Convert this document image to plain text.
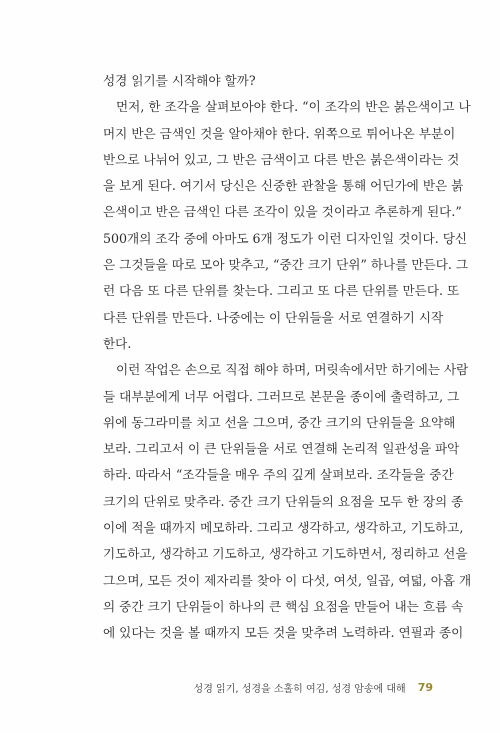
성경 읽기를 시작해야 할까?
먼저, 한 조각을 살펴보아야 한다. “이 조각의 반은 붉은색이고 나
머지 반은 금색인 것을 알아채야 한다. 위쪽으로 튀어나온 부분이
반으로 나뉘어 있고, 그 반은 금색이고 다른 반은 붉은색이라는 것
을 보게 된다. 여기서 당신은 신중한 관찰을 통해 어딘가에 반은 붉
은색이고 반은 금색인 다른 조각이 있을 것이라고 추론하게 된다.”
500개의 조각 중에 아마도 6개 정도가 이런 디자인일 것이다. 당신
은 그것들을 따로 모아 맞추고, “중간 크기 단위” 하나를 만든다. 그
런 다음 또 다른 단위를 찾는다. 그리고 또 다른 단위를 만든다. 또
다른 단위를 만든다. 나중에는 이 단위들을 서로 연결하기 시작
한다.
이런 작업은 손으로 직접 해야 하며, 머릿속에서만 하기에는 사람
들 대부분에게 너무 어렵다. 그러므로 본문을 종이에 출력하고, 그
위에 동그라미를 치고 선을 그으며, 중간 크기의 단위들을 요약해
보라. 그리고서 이 큰 단위들을 서로 연결해 논리적 일관성을 파악
하라. 따라서 “조각들을 매우 주의 깊게 살펴보라. 조각들을 중간
크기의 단위로 맞추라. 중간 크기 단위들의 요점을 모두 한 장의 종
이에 적을 때까지 메모하라. 그리고 생각하고, 생각하고, 기도하고,
기도하고, 생각하고 기도하고, 생각하고 기도하면서, 정리하고 선을
그으며, 모든 것이 제자리를 찾아 이 다섯, 여섯, 일곱, 여덟, 아홉 개
의 중간 크기 단위들이 하나의 큰 핵심 요점을 만들어 내는 흐름 속
에 있다는 것을 볼 때까지 모든 것을 맞추려 노력하라. 연필과 종이
성경 읽기, 성경을 소홀히 여김, 성경 암송에 대해 79
